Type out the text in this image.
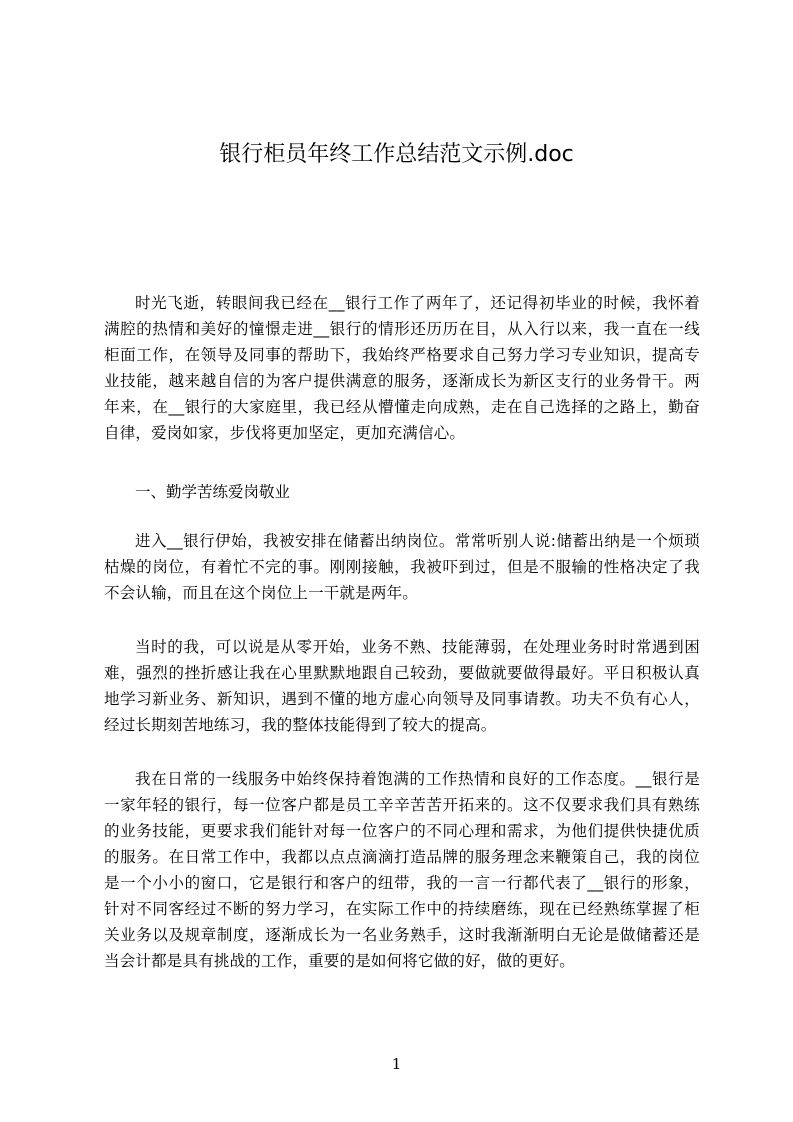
银行柜员年终工作总结范文示例.doc

时光飞逝，转眼间我已经在__银行工作了两年了，还记得初毕业的时候，我怀着满腔的热情和美好的憧憬走进__银行的情形还历历在目，从入行以来，我一直在一线柜面工作，在领导及同事的帮助下，我始终严格要求自己努力学习专业知识，提高专业技能，越来越自信的为客户提供满意的服务，逐渐成长为新区支行的业务骨干。两年来，在__银行的大家庭里，我已经从懵懂走向成熟，走在自己选择的之路上，勤奋自律，爱岗如家，步伐将更加坚定，更加充满信心。

一、勤学苦练爱岗敬业

进入__银行伊始，我被安排在储蓄出纳岗位。常常听别人说:储蓄出纳是一个烦琐枯燥的岗位，有着忙不完的事。刚刚接触，我被吓到过，但是不服输的性格决定了我不会认输，而且在这个岗位上一干就是两年。

当时的我，可以说是从零开始，业务不熟、技能薄弱，在处理业务时时常遇到困难，强烈的挫折感让我在心里默默地跟自己较劲，要做就要做得最好。平日积极认真地学习新业务、新知识，遇到不懂的地方虚心向领导及同事请教。功夫不负有心人，经过长期刻苦地练习，我的整体技能得到了较大的提高。

我在日常的一线服务中始终保持着饱满的工作热情和良好的工作态度。__银行是一家年轻的银行，每一位客户都是员工辛辛苦苦开拓来的。这不仅要求我们具有熟练的业务技能，更要求我们能针对每一位客户的不同心理和需求，为他们提供快捷优质的服务。在日常工作中，我都以点点滴滴打造品牌的服务理念来鞭策自己，我的岗位是一个小小的窗口，它是银行和客户的纽带，我的一言一行都代表了__银行的形象，针对不同客经过不断的努力学习，在实际工作中的持续磨练，现在已经熟练掌握了柜关业务以及规章制度，逐渐成长为一名业务熟手，这时我渐渐明白无论是做储蓄还是当会计都是具有挑战的工作，重要的是如何将它做的好，做的更好。

1
